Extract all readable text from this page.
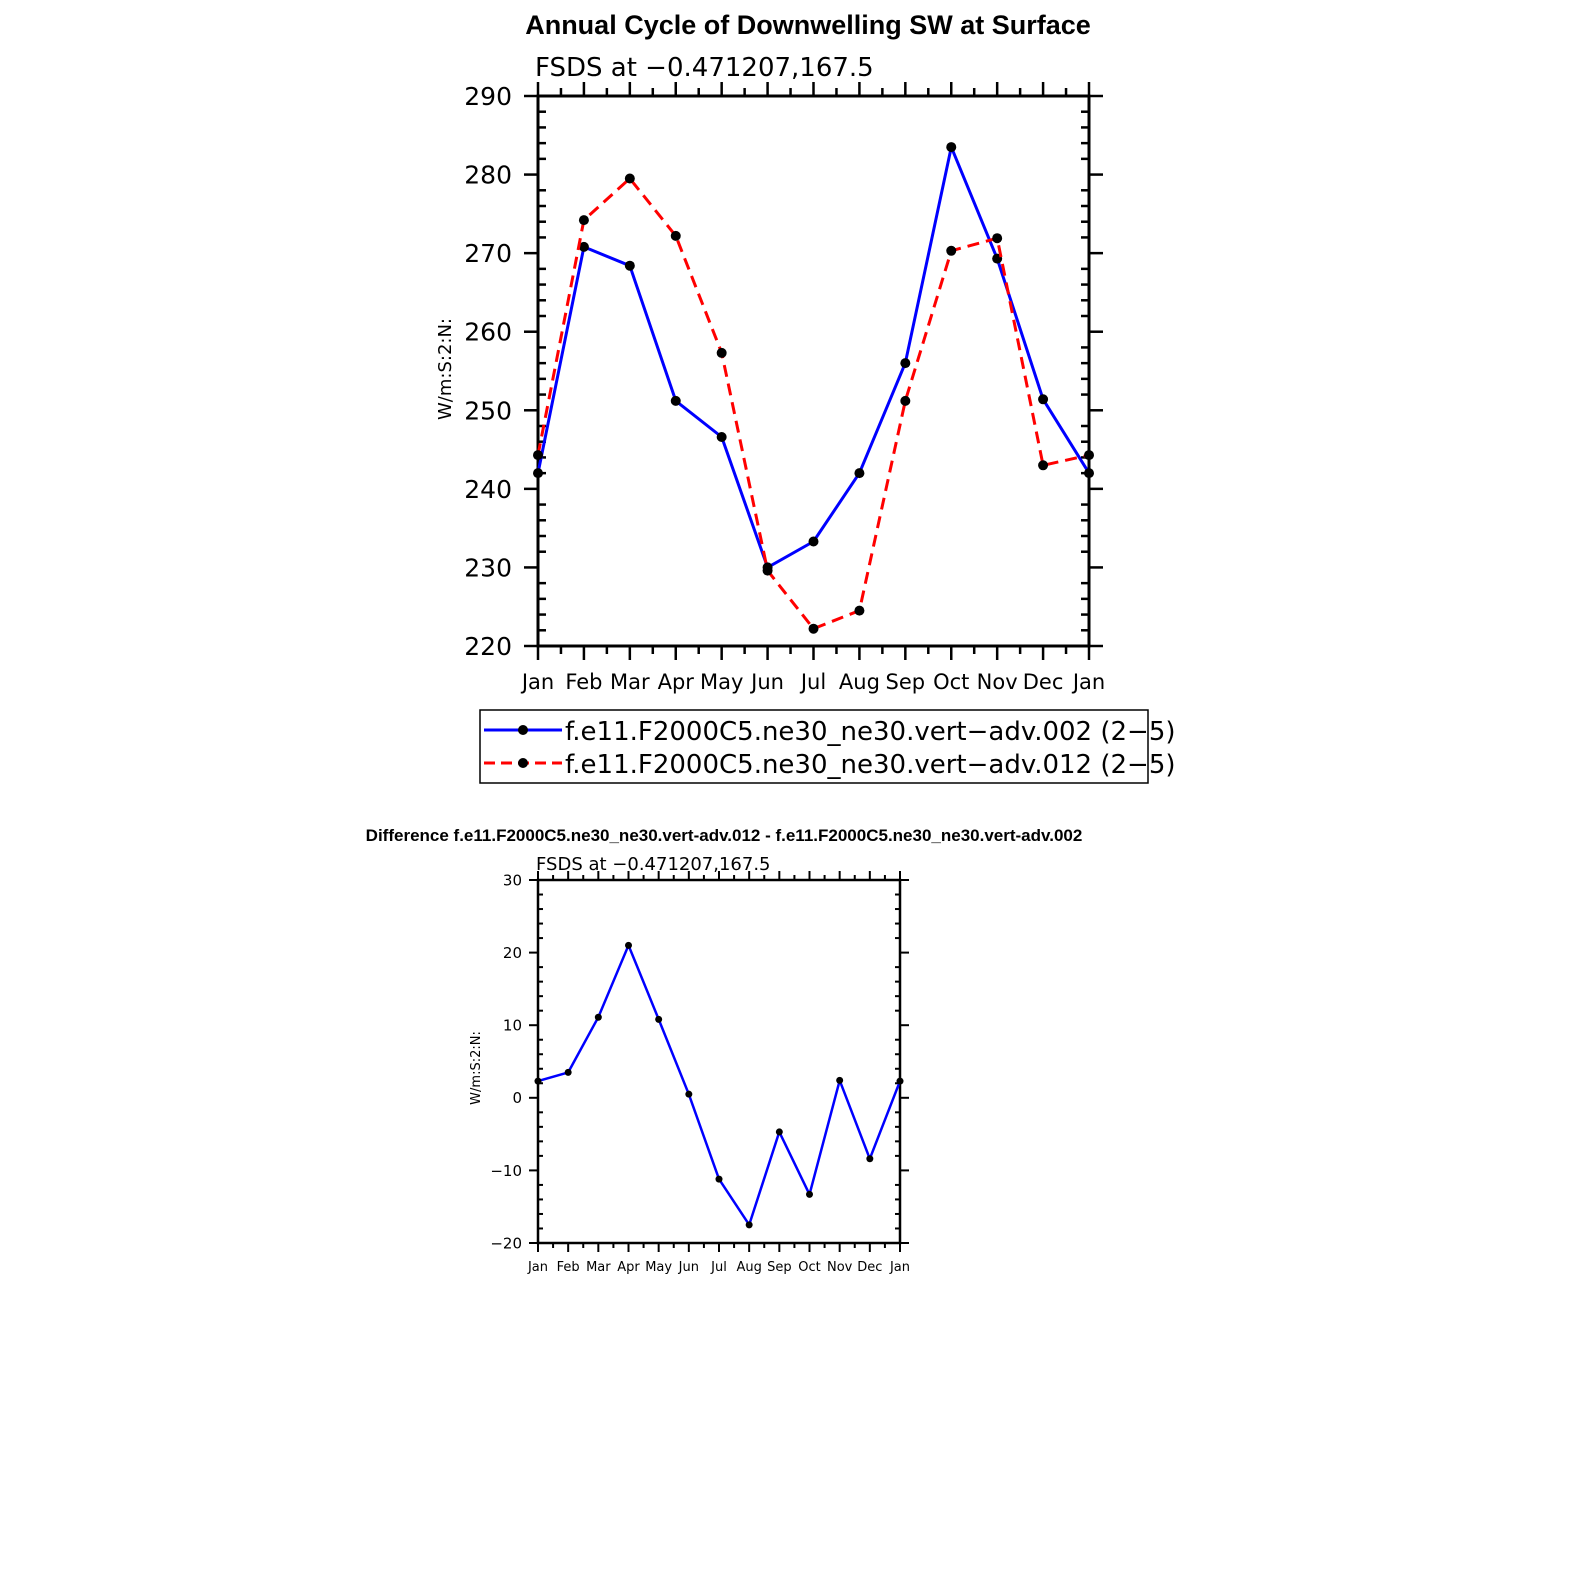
Annual Cycle of Downwelling SW at Surface
FSDS at −0.471207,167.5
W/m:S:2:N:
Jan Feb Mar Apr May Jun Jul Aug Sep Oct Nov Dec Jan
220
230
240
250
260
270
280
290
f.e11.F2000C5.ne30_ne30.vert−adv.002 (2−5)
f.e11.F2000C5.ne30_ne30.vert−adv.012 (2−5)
Difference f.e11.F2000C5.ne30_ne30.vert-adv.012 - f.e11.F2000C5.ne30_ne30.vert-adv.002
FSDS at −0.471207,167.5
W/m:S:2:N:
Jan Feb Mar Apr May Jun Jul Aug Sep Oct Nov Dec Jan
−20
−10
0
10
20
30
